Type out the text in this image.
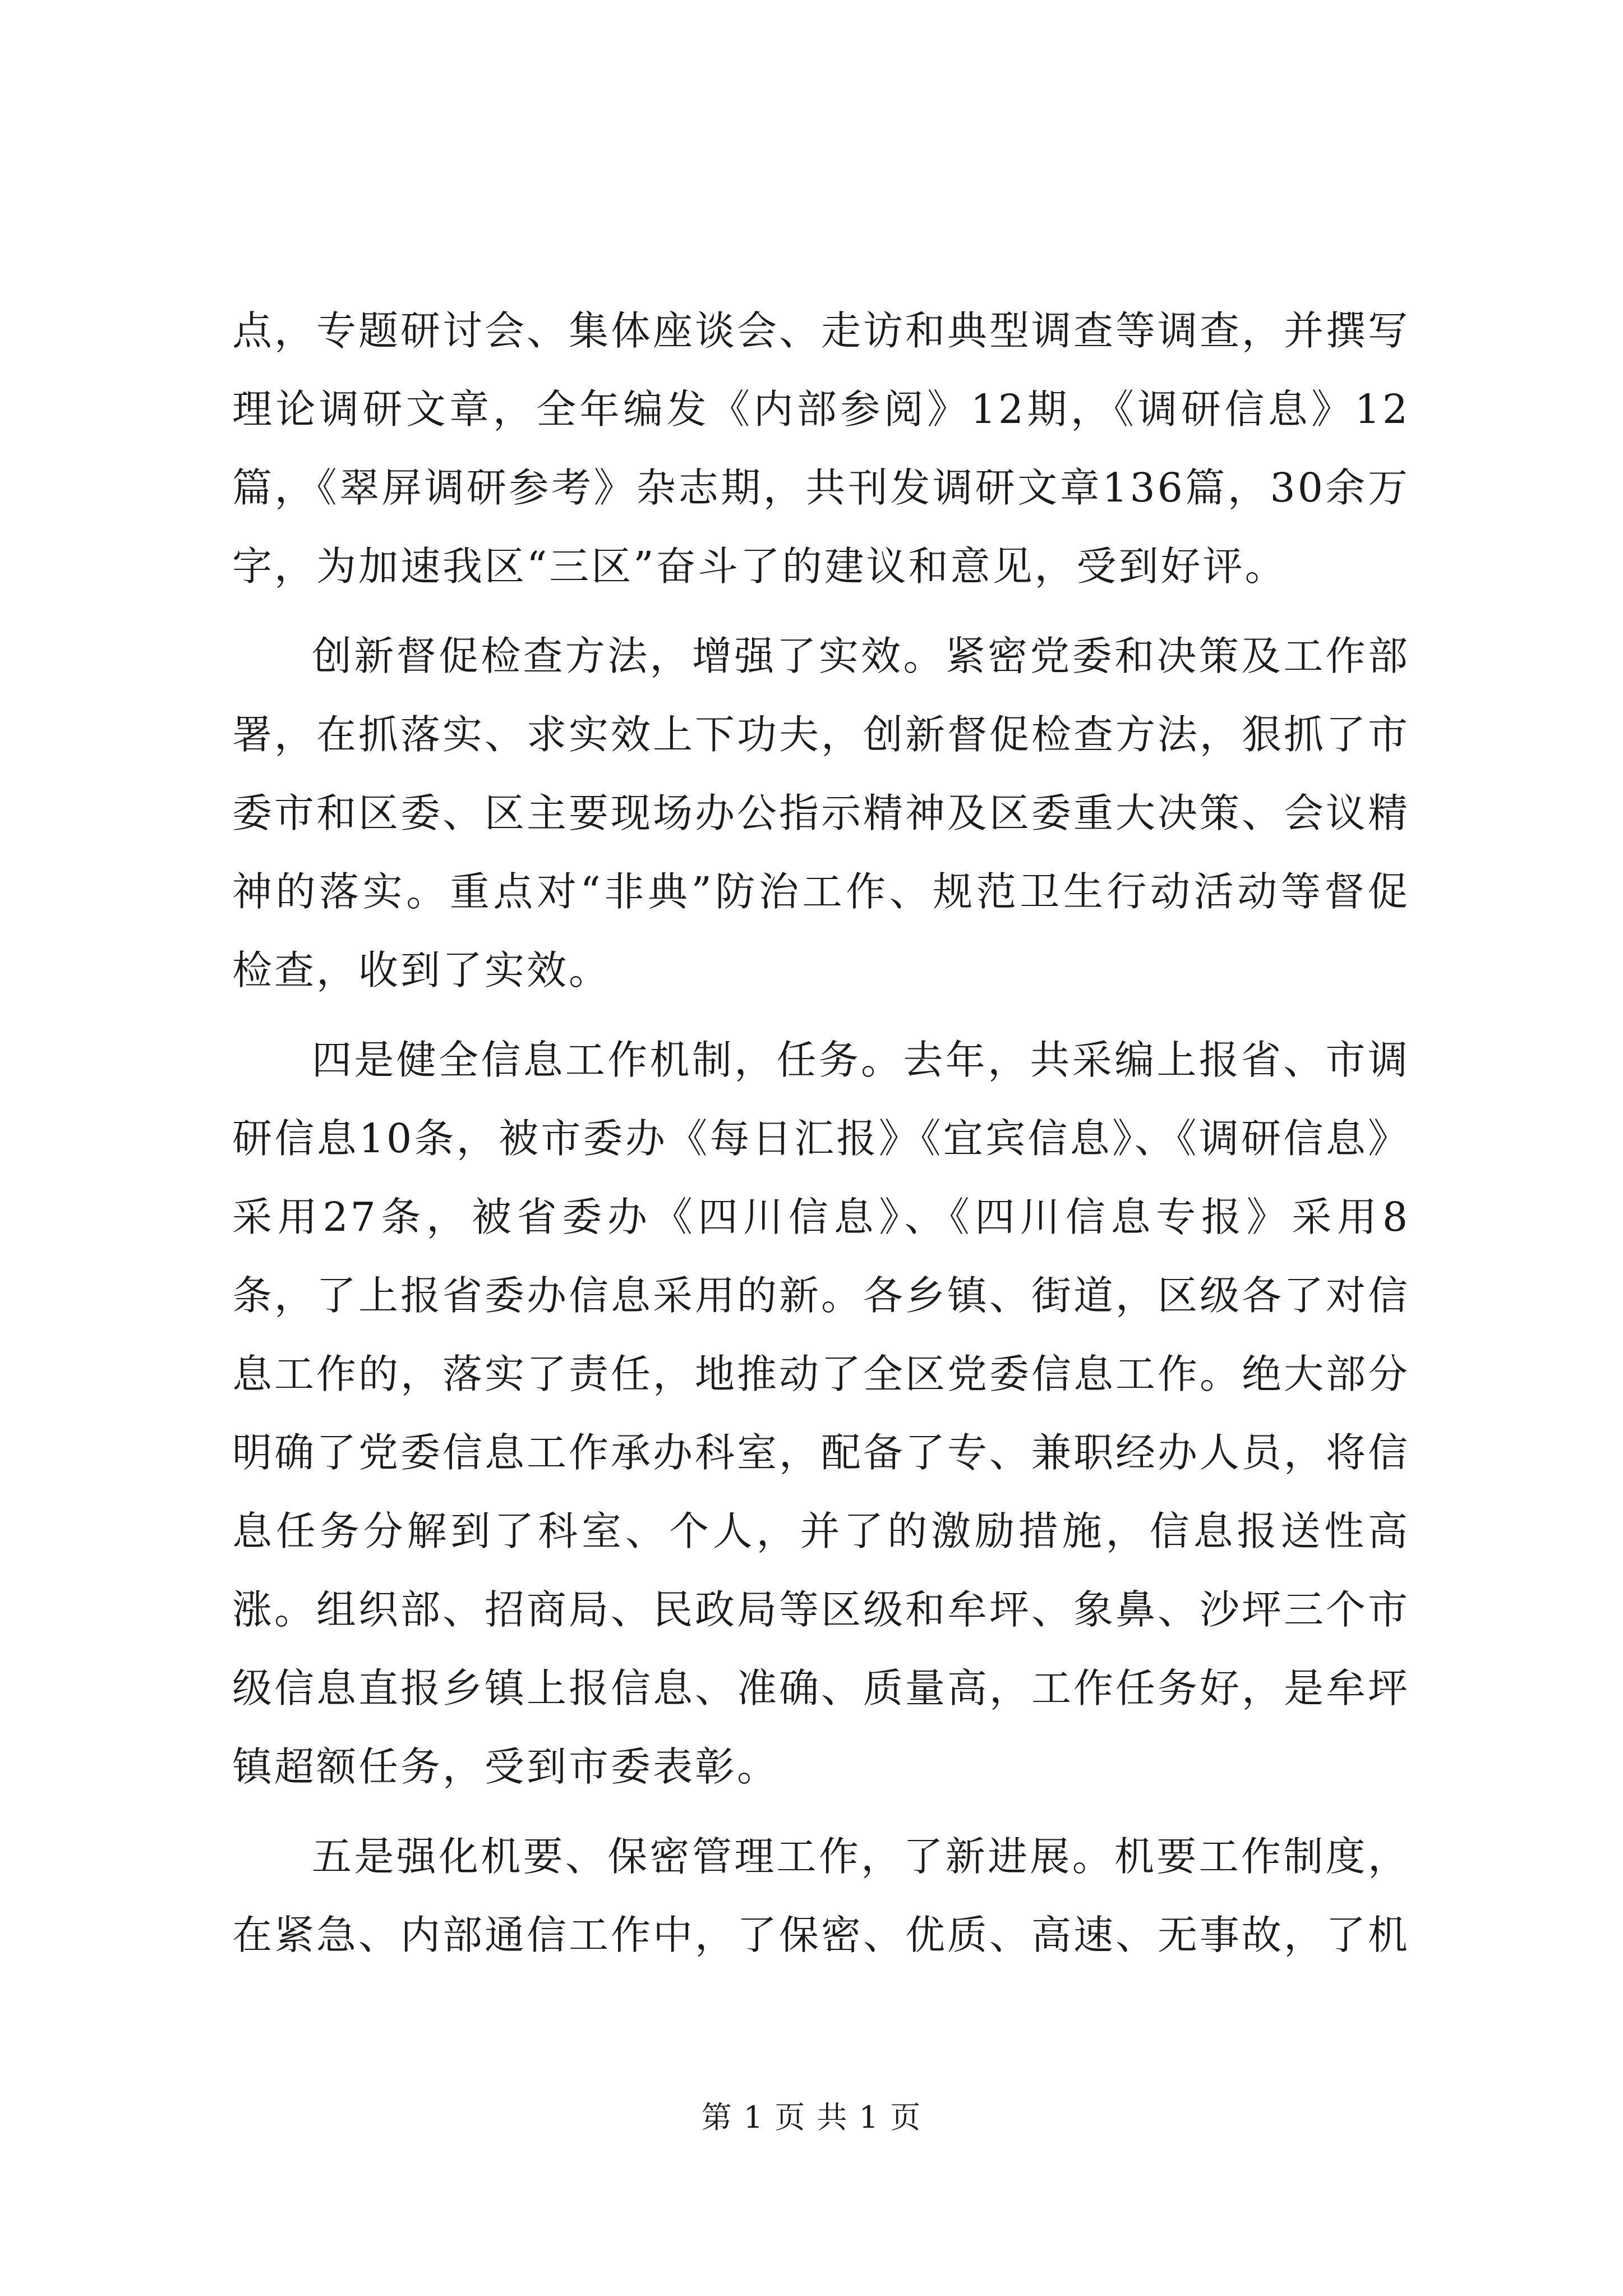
点，专题研讨会、集体座谈会、走访和典型调查等调查，并撰写理论调研文章，全年编发《内部参阅》12期，《调研信息》12篇，《翠屏调研参考》杂志期，共刊发调研文章136篇，30余万字，为加速我区“三区”奋斗了的建议和意见，受到好评。

创新督促检查方法，增强了实效。紧密党委和决策及工作部署，在抓落实、求实效上下功夫，创新督促检查方法，狠抓了市委市和区委、区主要现场办公指示精神及区委重大决策、会议精神的落实。重点对“非典”防治工作、规范卫生行动活动等督促检查，收到了实效。

四是健全信息工作机制，任务。去年，共采编上报省、市调研信息10条，被市委办《每日汇报》《宜宾信息》、《调研信息》采用27条，被省委办《四川信息》、《四川信息专报》采用8条，了上报省委办信息采用的新。各乡镇、街道，区级各了对信息工作的，落实了责任，地推动了全区党委信息工作。绝大部分明确了党委信息工作承办科室，配备了专、兼职经办人员，将信息任务分解到了科室、个人，并了的激励措施，信息报送性高涨。组织部、招商局、民政局等区级和牟坪、象鼻、沙坪三个市级信息直报乡镇上报信息、准确、质量高，工作任务好，是牟坪镇超额任务，受到市委表彰。

五是强化机要、保密管理工作，了新进展。机要工作制度，在紧急、内部通信工作中，了保密、优质、高速、无事故，了机

第 1 页 共 1 页
